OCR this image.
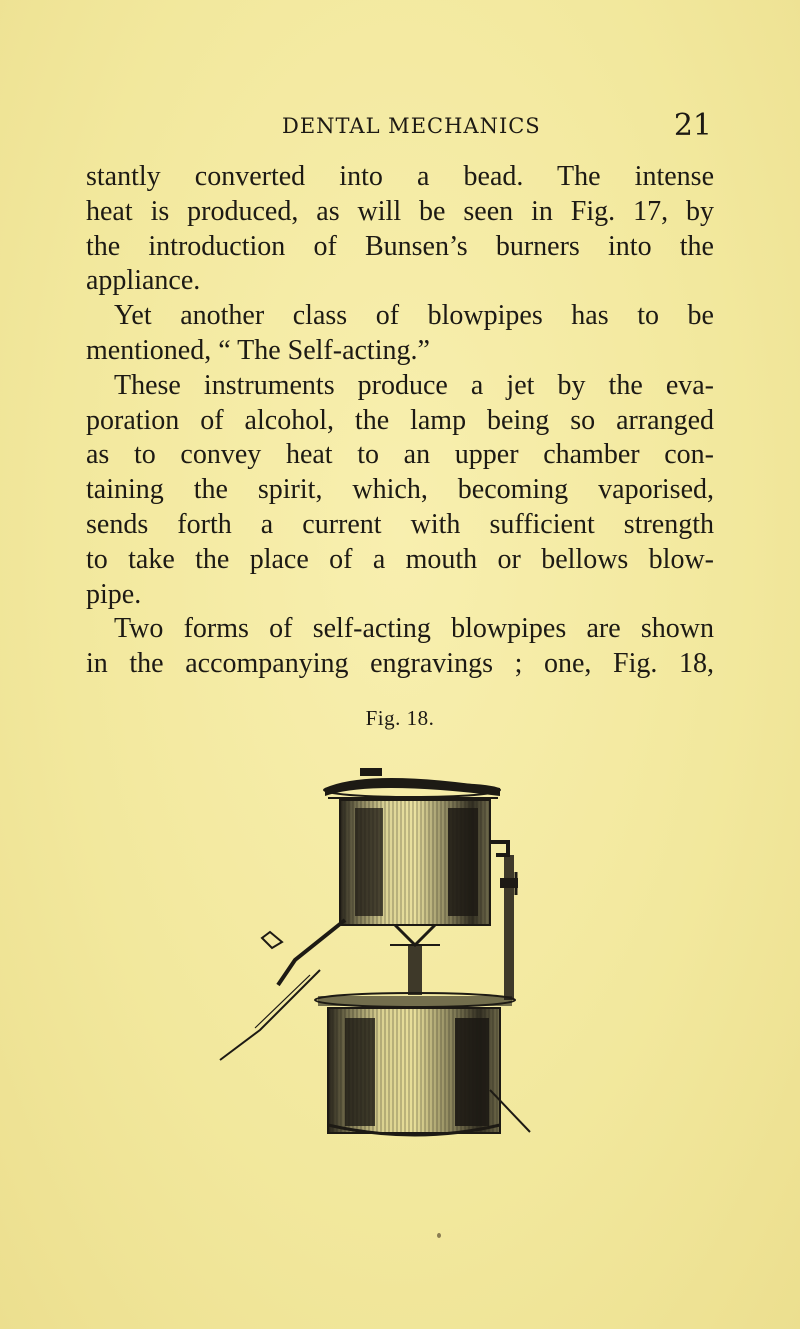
DENTAL MECHANICS	21

stantly converted into a bead. The intense
heat is produced, as will be seen in Fig. 17, by
the introduction of Bunsen’s burners into the
appliance.

Yet another class of blowpipes has to be
mentioned, “ The Self-acting.”

These instruments produce a jet by the eva-
poration of alcohol, the lamp being so arranged
as to convey heat to an upper chamber con-
taining the spirit, which, becoming vaporised,
sends forth a current with sufficient strength
to take the place of a mouth or bellows blow-
pipe.

Two forms of self-acting blowpipes are shown
in the accompanying engravings ; one, Fig. 18,

Fig. 18.
